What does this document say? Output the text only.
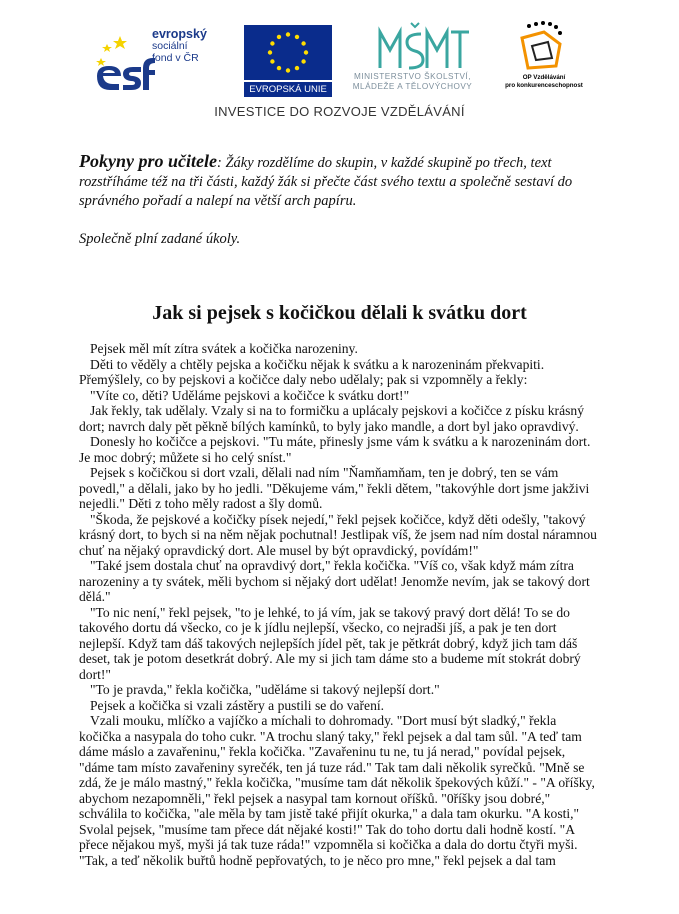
evropský
sociální
fond v ČR
EVROPSKÁ UNIE
MINISTERSTVO ŠKOLSTVÍ,
MLÁDEŽE A TĚLOVÝCHOVY
OP Vzdělávání
pro konkurenceschopnost
INVESTICE DO ROZVOJE VZDĚLÁVÁNÍ

Pokyny pro učitele: Žáky rozdělíme do skupin, v každé skupině po třech, text rozstříháme též na tři části, každý žák si přečte část svého textu a společně sestaví do správného pořadí a nalepí na větší arch papíru.

Společně plní zadané úkoly.

Jak si pejsek s kočičkou dělali k svátku dort

Pejsek měl mít zítra svátek a kočička narozeniny.

Děti to věděly a chtěly pejska a kočičku nějak k svátku a k narozeninám překvapiti. Přemýšlely, co by pejskovi a kočičce daly nebo udělaly; pak si vzpomněly a řekly:

"Víte co, děti? Uděláme pejskovi a kočičce k svátku dort!"

Jak řekly, tak udělaly. Vzaly si na to formičku a upláca​ly pejskovi a kočičce z písku krásný dort; navrch daly pět pěkně bílých kamínků, to byly jako mandle, a dort byl jako opravdivý.

Donesly ho kočičce a pejskovi. "Tu máte, přinesly jsme vám k svátku a k narozeninám dort. Je moc dobrý; můžete si ho celý sníst."

Pejsek s kočičkou si dort vzali, dělali nad ním "Ňamňamňam, ten je dobrý, ten se vám povedl," a dělali, jako by ho jedli. "Děkujeme vám," řekli dětem, "takovýhle dort jsme jakživi nejedli." Děti z toho měly radost a šly domů.

"Škoda, že pejskové a kočičky písek nejedí," řekl pejsek kočičce, když děti odešly, "takový krásný dort, to bych si na něm nějak pochutnal! Jestlipak víš, že jsem nad ním dostal náramnou chuť na nějaký opravdický dort. Ale musel by být opravdický, povídám!"

"Také jsem dostala chuť na opravdivý dort," řekla kočička. "Víš co, však když mám zítra narozeniny a ty svátek, měli bychom si nějaký dort udělat! Jenomže nevím, jak se takový dort dělá."

"To nic není," řekl pejsek, "to je lehké, to já vím, jak se takový pravý dort dělá! To se do takového dortu dá všecko, co je k jídlu nejlepší, všecko, co nejradši jíš, a pak je ten dort nejlepší. Když tam dáš takových nejlepších jídel pět, tak je pětkrát dobrý, když jich tam dáš deset, tak je potom desetkrát dobrý. Ale my si jich tam dáme sto a budeme mít stokrát dobrý dort!"

"To je pravda," řekla kočička, "uděláme si takový nejlepší dort."

Pejsek a kočička si vzali zástěry a pustili se do vaření.

Vzali mouku, mlíčko a vajíčko a míchali to dohromady. "Dort musí být sladký," řekla kočička a nasypala do toho cukr. "A trochu slaný taky," řekl pejsek a dal tam sůl. "A teď tam dáme máslo a zavařeninu," řekla kočička. "Zavařeninu tu ne, tu já nerad," povídal pejsek, "dáme tam místo zavařeniny syrečék, ten já tuze rád." Tak tam dali několik syrečků. "Mně se zdá, že je málo mastný," řekla kočička, "musíme tam dát několik špekových kůží." - "A oříšky, abychom nezapomněli," řekl pejsek a nasypal tam kornout oříšků. "0říšky jsou dobré," schválila to kočička, "ale měla by tam jistě také přijít okurka," a dala tam okurku. "A kosti," Svolal pejsek, "musíme tam přece dát nějaké kosti!" Tak do toho dortu dali hodně kostí. "A přece nějakou myš, myši já tak tuze ráda!" vzpomněla si kočička a dala do dortu čtyři myši. "Tak, a teď několik buřtů hodně pepřovatých, to je něco pro mne," řekl pejsek a dal tam
